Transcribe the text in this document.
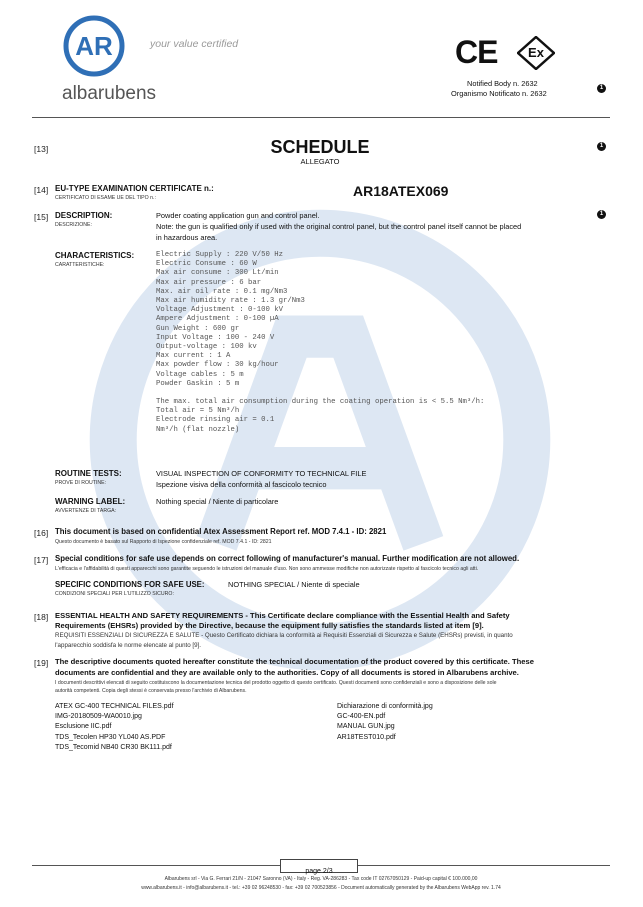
AR
albarubens
your value certified	CE	Ex
Notified Body n. 2632
Organismo Notificato n. 2632
1
1
1
[13]	SCHEDULE
ALLEGATO
[14] EU-TYPE EXAMINATION CERTIFICATE n.:
CERTIFICATO DI ESAME UE DEL TIPO n.:	AR18ATEX069
[15] DESCRIPTION:
DESCRIZIONE:
Powder coating application gun and control panel.
Note: the gun is qualified only if used with the original control panel, but the control panel itself cannot be placed
in hazardous area.
CHARACTERISTICS:
CARATTERISTICHE:
Electric Supply : 220 V/50 Hz
Electric Consume : 60 W
Max air consume : 300 Lt/min
Max air pressure : 6 bar
Max. air oil rate : 0.1 mg/Nm3
Max air humidity rate : 1.3 gr/Nm3
Voltage Adjustment : 0-100 kV
Ampere Adjustment : 0-100 µA
Gun Weight : 600 gr
Input Voltage : 100 - 240 V
Output-voltage : 100 kv
Max current : 1 A
Max powder flow : 30 kg/hour
Voltage cables : 5 m
Powder Gaskin : 5 m
The max. total air consumption during the coating operation is < 5.5 Nm³/h:
Total air = 5 Nm³/h
Electrode rinsing air = 0.1
Nm³/h (flat nozzle)
ROUTINE TESTS:
PROVE DI ROUTINE:
VISUAL INSPECTION OF CONFORMITY TO TECHNICAL FILE
Ispezione visiva della conformità al fascicolo tecnico
WARNING LABEL:
AVVERTENZE DI TARGA:
Nothing special / Niente di particolare
[16] This document is based on confidential Atex Assessment Report ref. MOD 7.4.1 - ID: 2821
Questo documento è basato sul Rapporto di Ispezione confidenziale ref. MOD 7.4.1 - ID: 2821
[17] Special conditions for safe use depends on correct following of manufacturer's manual. Further modification are not allowed.
L'efficacia e l'affidabilità di questi apparecchi sono garantite seguendo le istruzioni del manuale d'uso. Non sono ammesse modifiche non autorizzate rispetto al fascicolo tecnico agli atti.
SPECIFIC CONDITIONS FOR SAFE USE:	NOTHING SPECIAL / Niente di speciale
CONDIZIONI SPECIALI PER L'UTILIZZO SICURO:
[18] ESSENTIAL HEALTH AND SAFETY REQUIREMENTS - This Certificate declare compliance with the Essential Health and Safety
Requirements (EHSRs) provided by the Directive, because the equipment fully satisfies the standards listed at item [9].
REQUISITI ESSENZIALI DI SICUREZZA E SALUTE - Questo Certificato dichiara la conformità ai Requisiti Essenziali di Sicurezza e Salute (EHSRs) previsti, in quanto
l'apparecchio soddisfa le norme elencate al punto [9].
[19] The descriptive documents quoted hereafter constitute the technical documentation of the product covered by this certificate. These
documents are confidential and they are available only to the authorities. Copy of all documents is stored in Albarubens archive.
I documenti descrittivi elencati di seguito costituiscono la documentazione tecnica del prodotto oggetto di questo certificato. Questi documenti sono confidenziali e sono a disposizione delle sole
autorità competenti. Copia degli stessi è conservata presso l'archivio di Albarubens.
ATEX GC-400 TECHNICAL FILES.pdf
IMG-20180509-WA0010.jpg
Esclusione IIC.pdf
TDS_Tecolen HP30 YL040 AS.PDF
TDS_Tecomid NB40 CR30 BK111.pdf
Dichiarazione di conformità.jpg
GC-400-EN.pdf
MANUAL GUN.jpg
AR18TEST010.pdf
page 2/3
Albarubens srl - Via G. Ferrari 21/N - 21047 Saronno (VA) - Italy - Reg. VA-286283 - Tax code IT 02767050129 - Paid-up capital € 100.000,00
www.albarubens.it - info@albarubens.it - tel.: +39 02 96248530 - fax: +39 02 700523856 - Document automatically generated by the Albarubens WebApp rev. 1.74
